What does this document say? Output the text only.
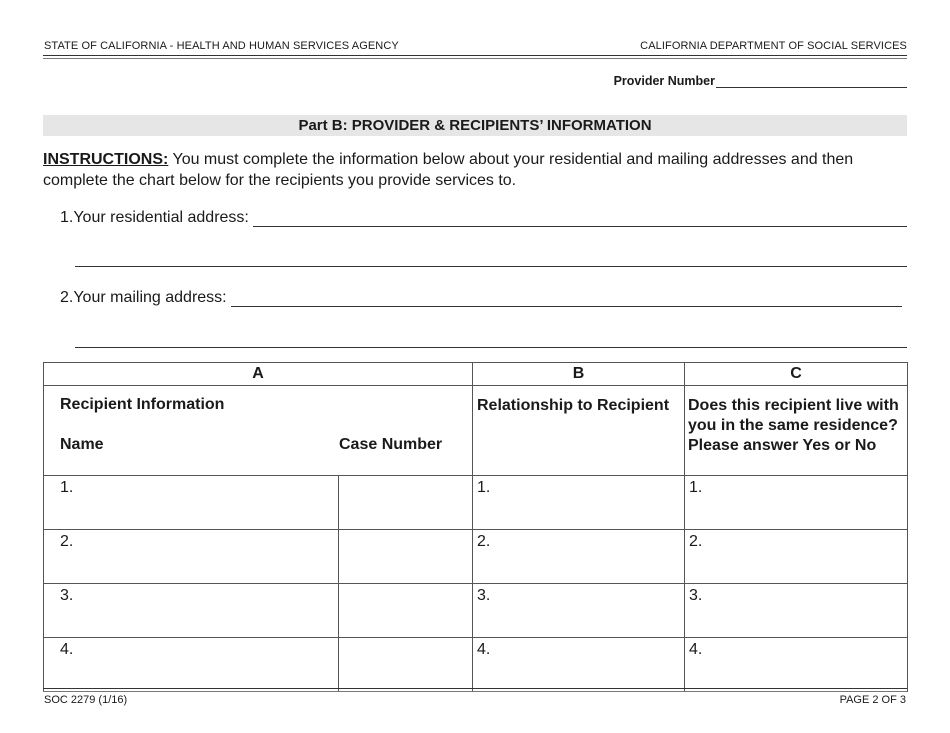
STATE OF CALIFORNIA - HEALTH AND HUMAN SERVICES AGENCY	CALIFORNIA DEPARTMENT OF SOCIAL SERVICES
Provider Number
Part B: PROVIDER & RECIPIENTS’ INFORMATION
INSTRUCTIONS: You must complete the information below about your residential and mailing addresses and then complete the chart below for the recipients you provide services to.
1.Your residential address:
2.Your mailing address:
A		B	C

Recipient Information
Name Case Number		Relationship to Recipient	Does this recipient live with you in the same residence? Please answer Yes or No

1.		1.	1.

2.		2.	2.

3.		3.	3.

4.		4.	4.
SOC 2279 (1/16)	PAGE 2 OF 3
